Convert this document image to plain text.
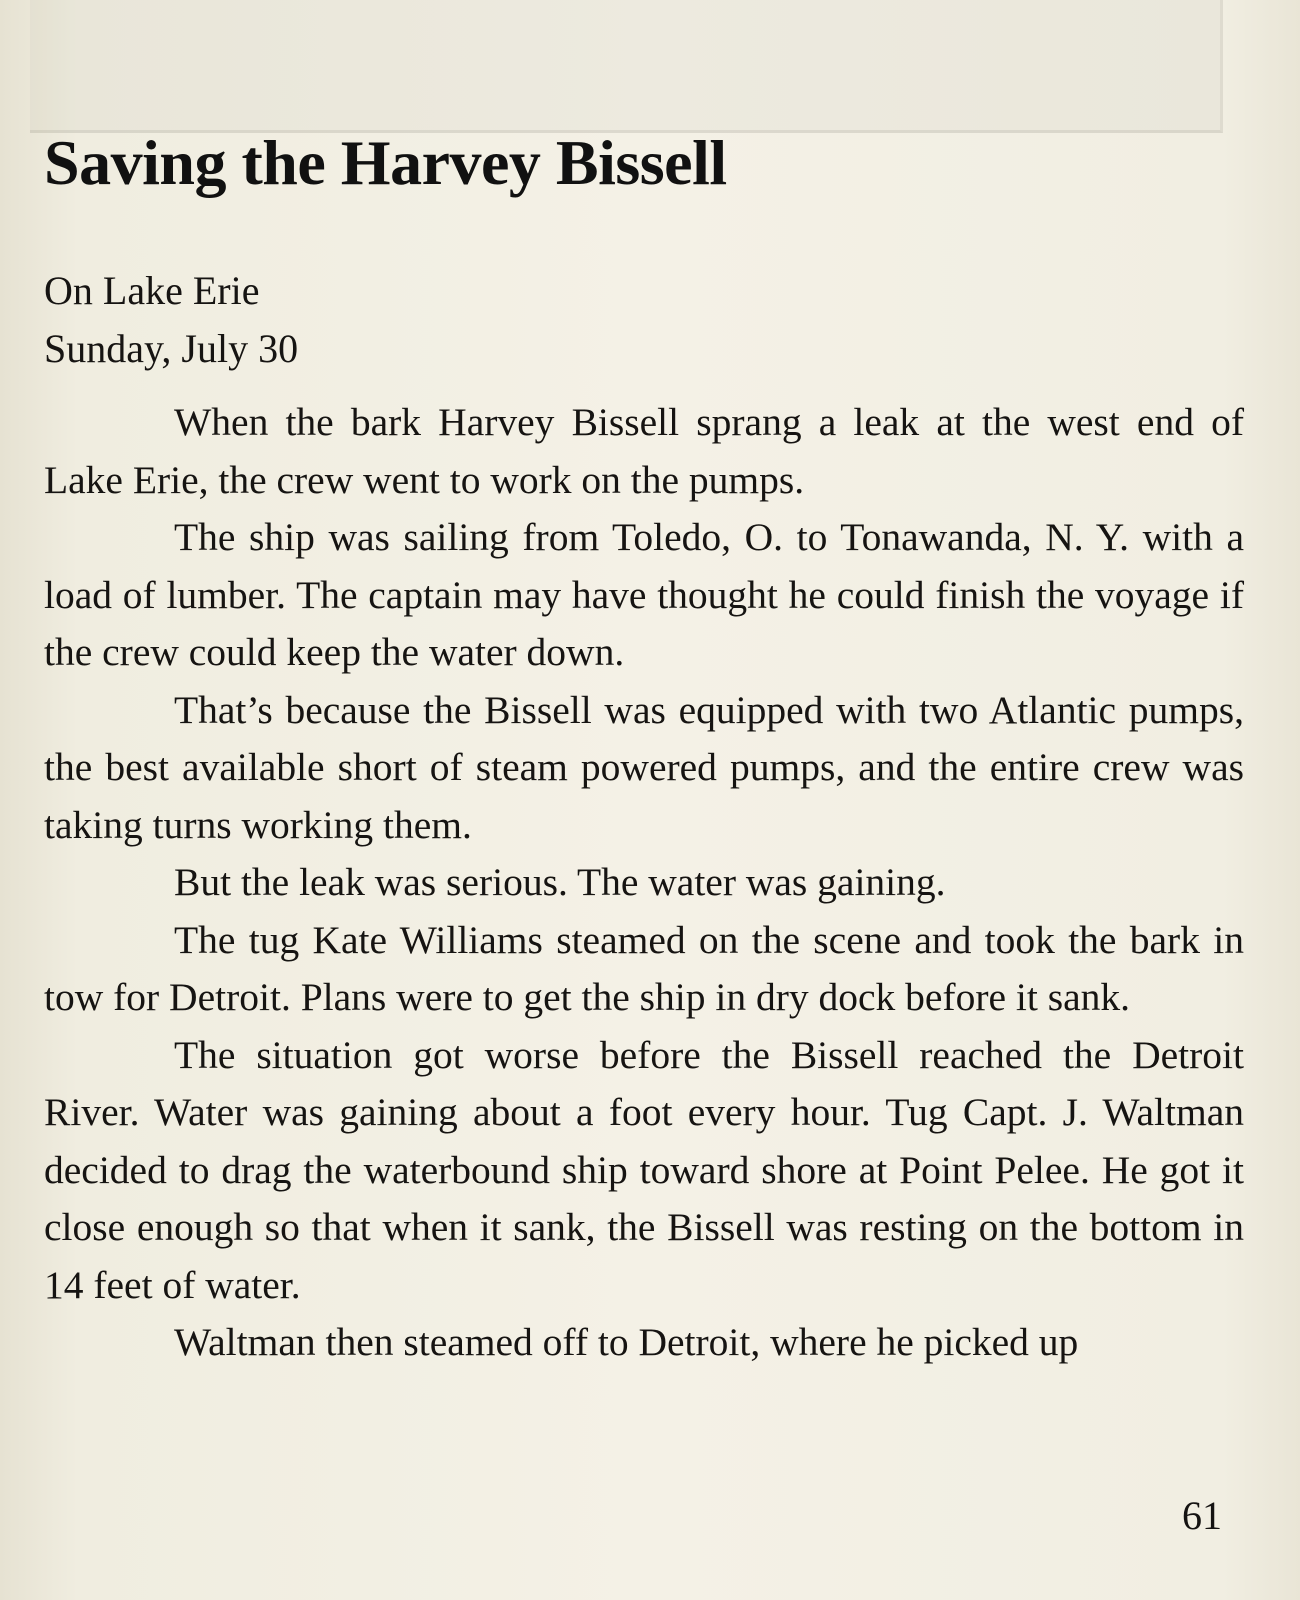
Saving the Harvey Bissell

On Lake Erie

Sunday, July 30

When the bark Harvey Bissell sprang a leak at the west end of Lake Erie, the crew went to work on the pumps.

The ship was sailing from Toledo, O. to Tonawanda, N. Y. with a load of lumber. The captain may have thought he could finish the voyage if the crew could keep the water down.

That’s because the Bissell was equipped with two Atlantic pumps, the best available short of steam powered pumps, and the entire crew was taking turns working them.

But the leak was serious. The water was gaining.

The tug Kate Williams steamed on the scene and took the bark in tow for Detroit. Plans were to get the ship in dry dock before it sank.

The situation got worse before the Bissell reached the Detroit River. Water was gaining about a foot every hour. Tug Capt. J. Waltman decided to drag the waterbound ship toward shore at Point Pelee. He got it close enough so that when it sank, the Bissell was resting on the bottom in 14 feet of water.

Waltman then steamed off to Detroit, where he picked up

61
